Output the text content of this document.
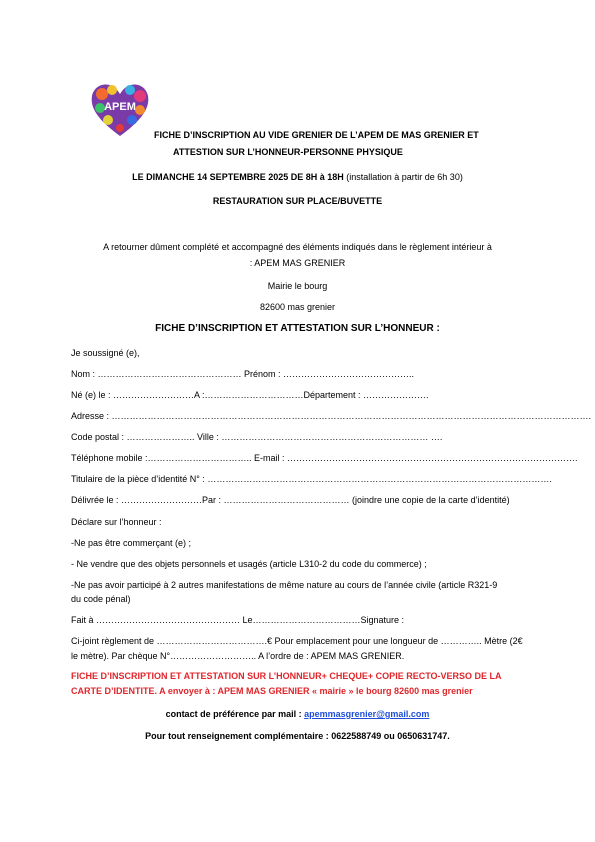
APEM
FICHE D’INSCRIPTION AU VIDE GRENIER DE L’APEM DE MAS GRENIER ET
ATTESTION SUR L’HONNEUR-PERSONNE PHYSIQUE
LE DIMANCHE 14 SEPTEMBRE 2025 DE 8H à 18H (installation à partir de 6h 30)
RESTAURATION SUR PLACE/BUVETTE
A retourner dûment complété et accompagné des éléments indiqués dans le règlement intérieur à
: APEM MAS GRENIER
Mairie le bourg
82600 mas grenier
FICHE D’INSCRIPTION ET ATTESTATION SUR L’HONNEUR :
Je soussigné (e),
Nom : ………………………………………… Prénom : ……………………………………..
Né (e) le : ………………………A :……………………………Département : ………………….
Adresse : …………………………………………………………………………………………………………………………………………….
Code postal : ………………….. Ville : …………………………………………………………… ….
Téléphone mobile :…………………………….. E-mail : …………………………………………………………………………………….
Titulaire de la pièce d’identité N° : …………………………………………………………………………………………………….
Délivrée le : ………………………Par : …………………………………… (joindre une copie de la carte d’identité)
Déclare sur l’honneur :
-Ne pas être commerçant (e) ;
- Ne vendre que des objets personnels et usagés (article L310-2 du code du commerce) ;
-Ne pas avoir participé à 2 autres manifestations de même nature au cours de l’année civile (article R321-9
du code pénal)
Fait à ………………………………………… Le………………………………Signature :
Ci-joint règlement de ……………………………….€ Pour emplacement pour une longueur de ………….. Mètre (2€
le mètre). Par chèque N°……………………….. A l’ordre de : APEM MAS GRENIER.
FICHE D’INSCRIPTION ET ATTESTATION SUR L’HONNEUR+ CHEQUE+ COPIE RECTO-VERSO DE LA
CARTE D’IDENTITE. A envoyer à : APEM MAS GRENIER « mairie » le bourg 82600 mas grenier
contact de préférence par mail : apemmasgrenier@gmail.com
Pour tout renseignement complémentaire : 0622588749 ou 0650631747.
